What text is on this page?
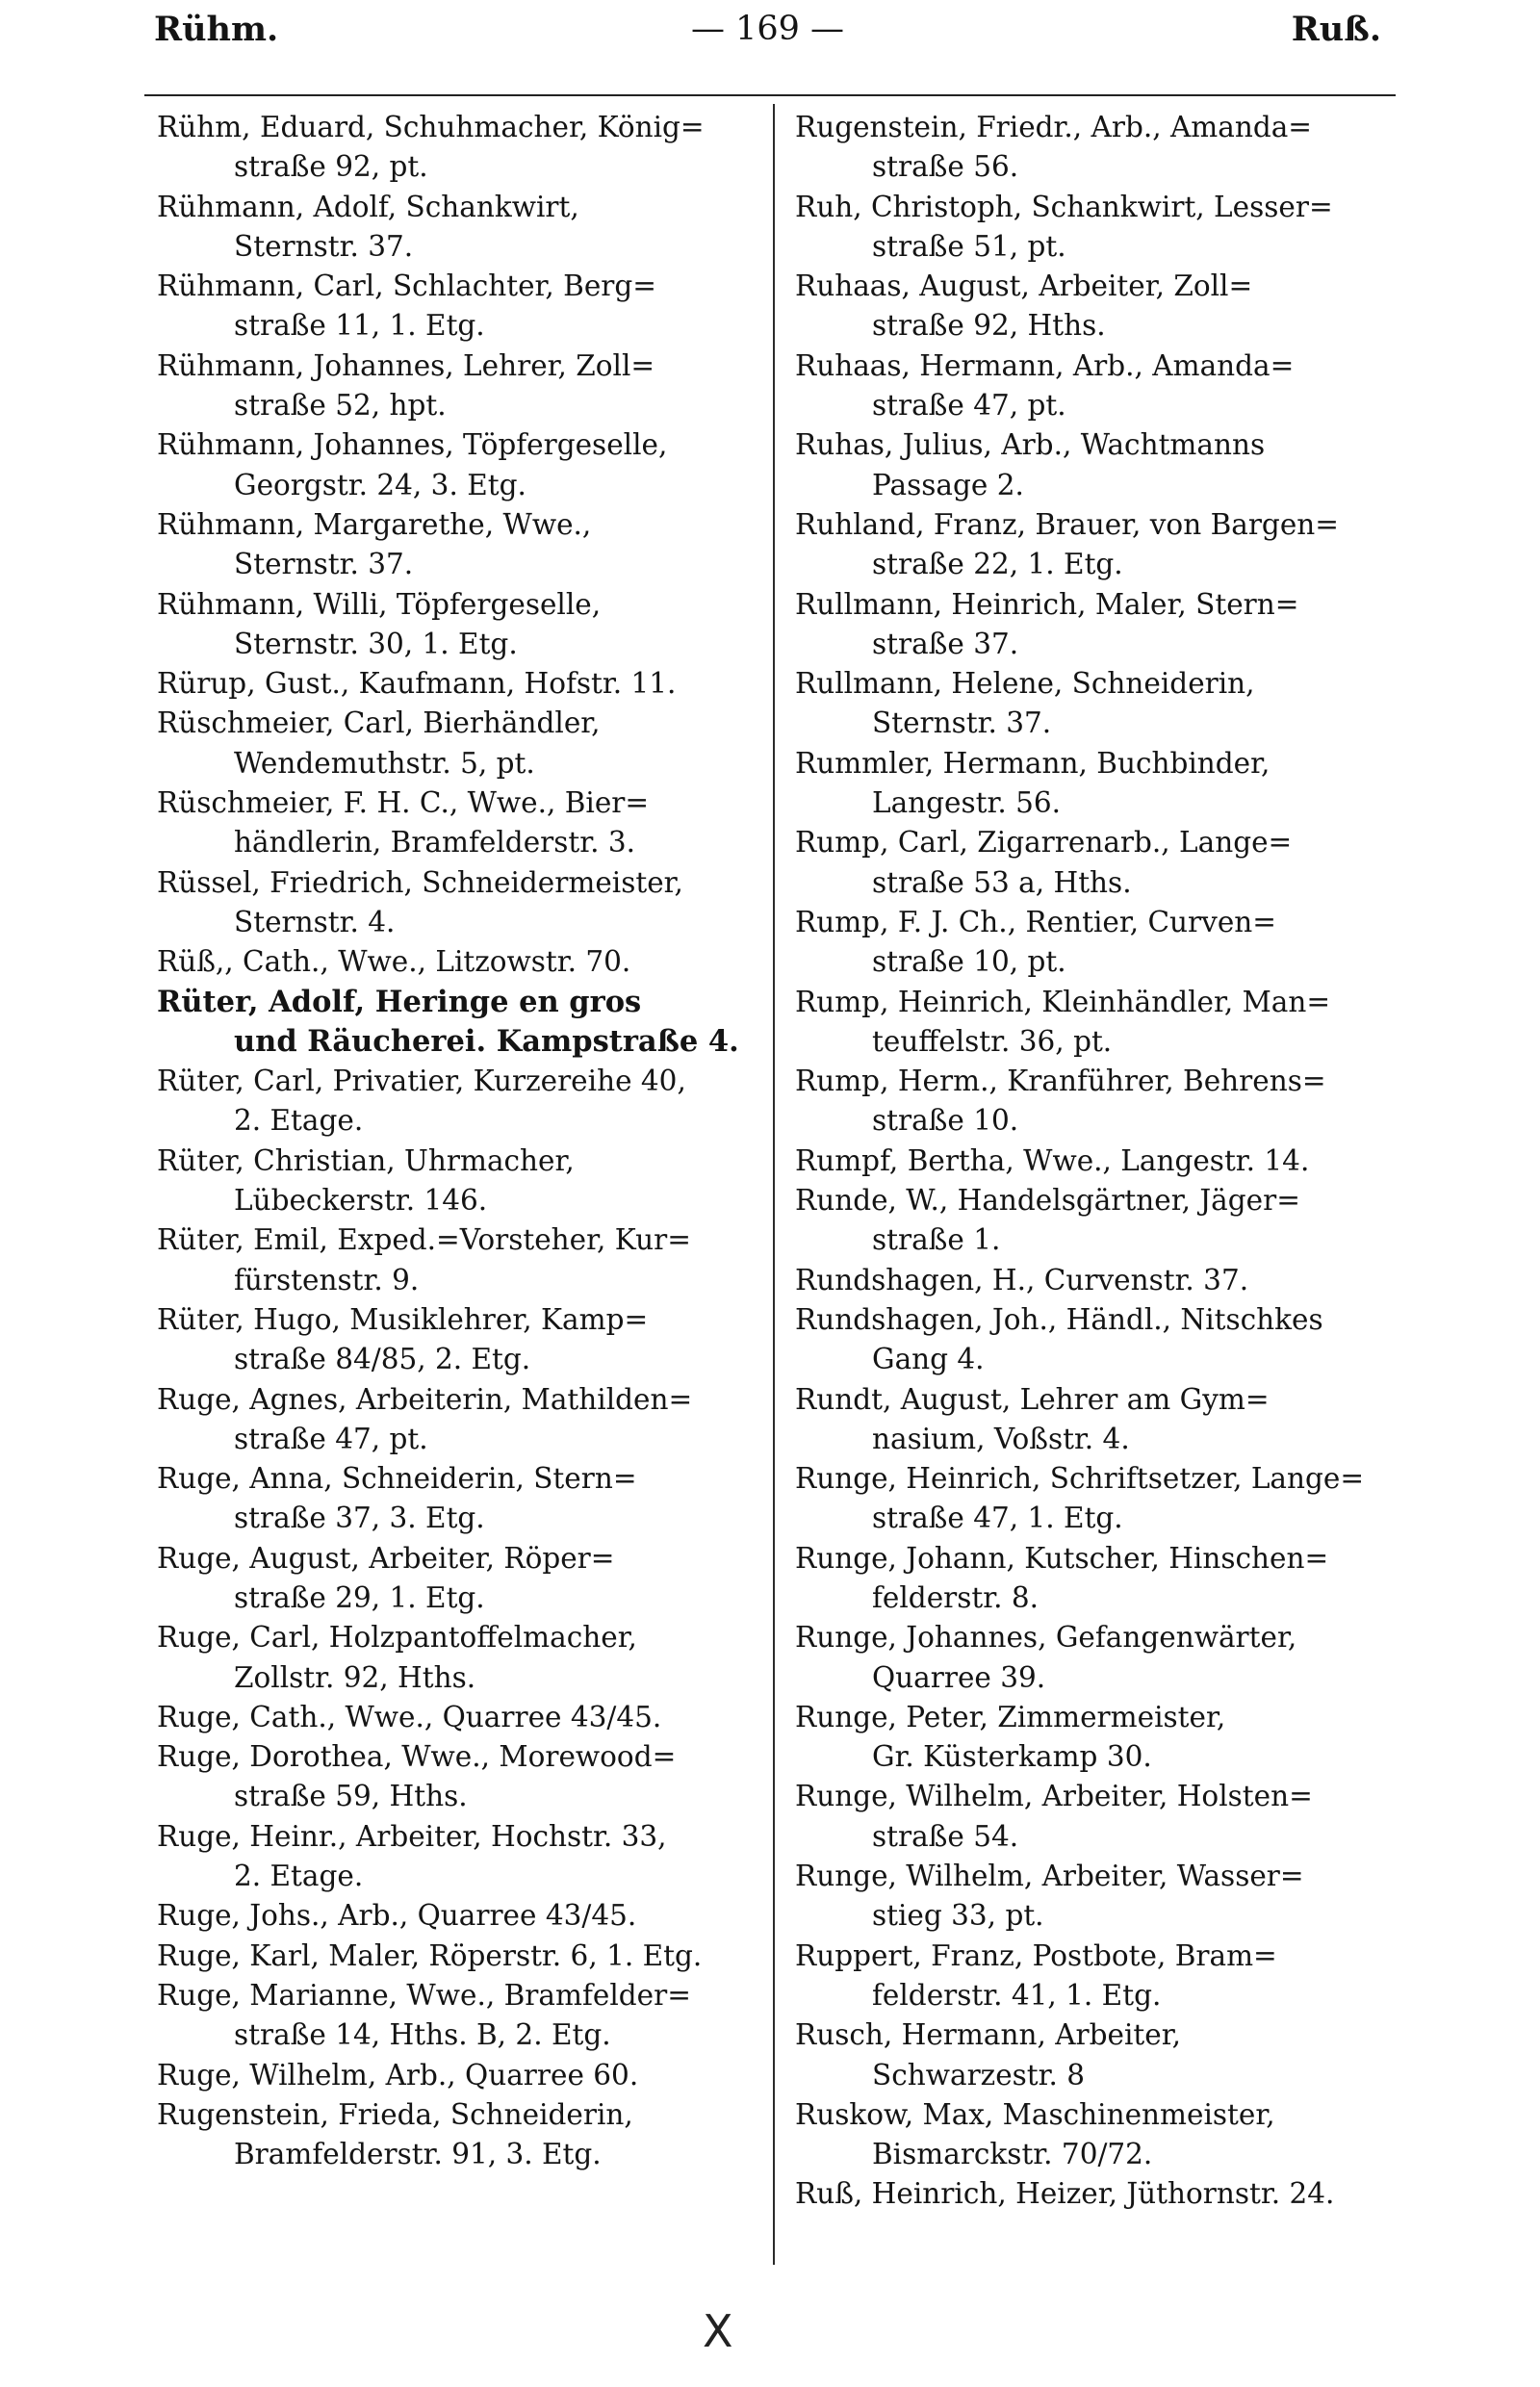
Rühm.	— 169 —	Ruß.
Rühm, Eduard, Schuhmacher, König=
straße 92, pt.
Rühmann, Adolf, Schankwirt,
Sternstr. 37.
Rühmann, Carl, Schlachter, Berg=
straße 11, 1. Etg.
Rühmann, Johannes, Lehrer, Zoll=
straße 52, hpt.
Rühmann, Johannes, Töpfergeselle,
Georgstr. 24, 3. Etg.
Rühmann, Margarethe, Wwe.,
Sternstr. 37.
Rühmann, Willi, Töpfergeselle,
Sternstr. 30, 1. Etg.
Rürup, Gust., Kaufmann, Hofstr. 11.
Rüschmeier, Carl, Bierhändler,
Wendemuthstr. 5, pt.
Rüschmeier, F. H. C., Wwe., Bier=
händlerin, Bramfelderstr. 3.
Rüssel, Friedrich, Schneidermeister,
Sternstr. 4.
Rüß,, Cath., Wwe., Litzowstr. 70.
Rüter, Adolf, Heringe en gros
und Räucherei. Kampstraße 4.
Rüter, Carl, Privatier, Kurzereihe 40,
2. Etage.
Rüter, Christian, Uhrmacher,
Lübeckerstr. 146.
Rüter, Emil, Exped.=Vorsteher, Kur=
fürstenstr. 9.
Rüter, Hugo, Musiklehrer, Kamp=
straße 84/85, 2. Etg.
Ruge, Agnes, Arbeiterin, Mathilden=
straße 47, pt.
Ruge, Anna, Schneiderin, Stern=
straße 37, 3. Etg.
Ruge, August, Arbeiter, Röper=
straße 29, 1. Etg.
Ruge, Carl, Holzpantoffelmacher,
Zollstr. 92, Hths.
Ruge, Cath., Wwe., Quarree 43/45.
Ruge, Dorothea, Wwe., Morewood=
straße 59, Hths.
Ruge, Heinr., Arbeiter, Hochstr. 33,
2. Etage.
Ruge, Johs., Arb., Quarree 43/45.
Ruge, Karl, Maler, Röperstr. 6, 1. Etg.
Ruge, Marianne, Wwe., Bramfelder=
straße 14, Hths. B, 2. Etg.
Ruge, Wilhelm, Arb., Quarree 60.
Rugenstein, Frieda, Schneiderin,
Bramfelderstr. 91, 3. Etg.
Rugenstein, Friedr., Arb., Amanda=
straße 56.
Ruh, Christoph, Schankwirt, Lesser=
straße 51, pt.
Ruhaas, August, Arbeiter, Zoll=
straße 92, Hths.
Ruhaas, Hermann, Arb., Amanda=
straße 47, pt.
Ruhas, Julius, Arb., Wachtmanns
Passage 2.
Ruhland, Franz, Brauer, von Bargen=
straße 22, 1. Etg.
Rullmann, Heinrich, Maler, Stern=
straße 37.
Rullmann, Helene, Schneiderin,
Sternstr. 37.
Rummler, Hermann, Buchbinder,
Langestr. 56.
Rump, Carl, Zigarrenarb., Lange=
straße 53 a, Hths.
Rump, F. J. Ch., Rentier, Curven=
straße 10, pt.
Rump, Heinrich, Kleinhändler, Man=
teuffelstr. 36, pt.
Rump, Herm., Kranführer, Behrens=
straße 10.
Rumpf, Bertha, Wwe., Langestr. 14.
Runde, W., Handelsgärtner, Jäger=
straße 1.
Rundshagen, H., Curvenstr. 37.
Rundshagen, Joh., Händl., Nitschkes
Gang 4.
Rundt, August, Lehrer am Gym=
nasium, Voßstr. 4.
Runge, Heinrich, Schriftsetzer, Lange=
straße 47, 1. Etg.
Runge, Johann, Kutscher, Hinschen=
felderstr. 8.
Runge, Johannes, Gefangenwärter,
Quarree 39.
Runge, Peter, Zimmermeister,
Gr. Küsterkamp 30.
Runge, Wilhelm, Arbeiter, Holsten=
straße 54.
Runge, Wilhelm, Arbeiter, Wasser=
stieg 33, pt.
Ruppert, Franz, Postbote, Bram=
felderstr. 41, 1. Etg.
Rusch, Hermann, Arbeiter,
Schwarzestr. 8
Ruskow, Max, Maschinenmeister,
Bismarckstr. 70/72.
Ruß, Heinrich, Heizer, Jüthornstr. 24.
X
